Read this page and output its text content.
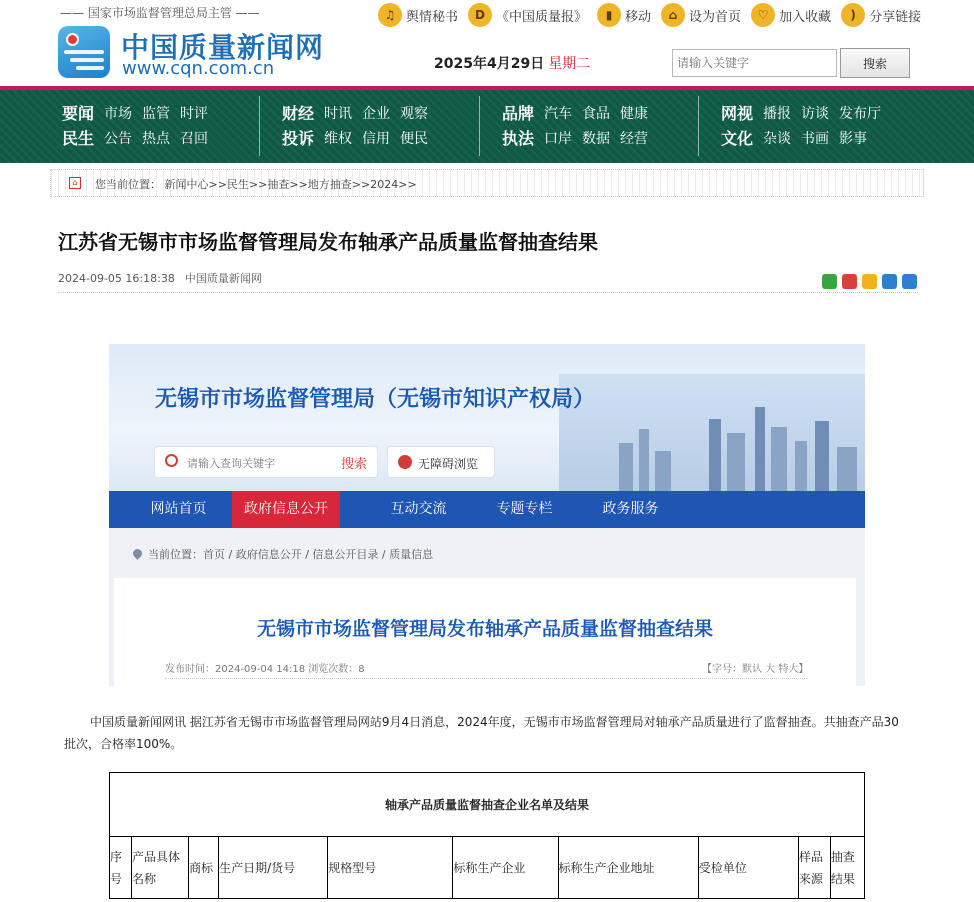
—— 国家市场监督管理总局主管 ——
中国质量新闻网
www.cqn.com.cn
♫ 舆情秘书	D 《中国质量报》	▮ 移动	⌂ 设为首页	♡ 加入收藏	)	分享链接
2025年4月29日 星期二
请输入关键字	搜索
要闻 市场 监管 时评
民生 公告 热点 召回
财经 时讯 企业 观察
投诉 维权 信用 便民
品牌 汽车 食品 健康
执法 口岸 数据 经营
网视 播报 访谈 发布厅
文化 杂谈 书画 影事
⌂	您当前位置： 新闻中心>>民生>>抽查>>地方抽查>>2024>>
江苏省无锡市市场监督管理局发布轴承产品质量监督抽查结果
2024-09-05 16:18:38 中国质量新闻网
无锡市市场监督管理局（无锡市知识产权局）
请输入查询关键字	搜索	无障碍浏览
网站首页	政府信息公开	互动交流	专题专栏	政务服务
当前位置：首页 / 政府信息公开 / 信息公开目录 / 质量信息
无锡市市场监督管理局发布轴承产品质量监督抽查结果
发布时间：2024-09-04 14:18 浏览次数：8	【字号：默认 大 特大】

中国质量新闻网讯 据江苏省无锡市市场监督管理局网站9月4日消息，2024年度，无锡市市场监督管理局对轴承产品质量进行了监督抽查。共抽查产品30批次，合格率100%。

轴承产品质量监督抽查企业名单及结果
序号	产品具体名称	商标	生产日期/货号	规格型号	标称生产企业	标称生产企业地址	受检单位	样品来源	抽查结果
